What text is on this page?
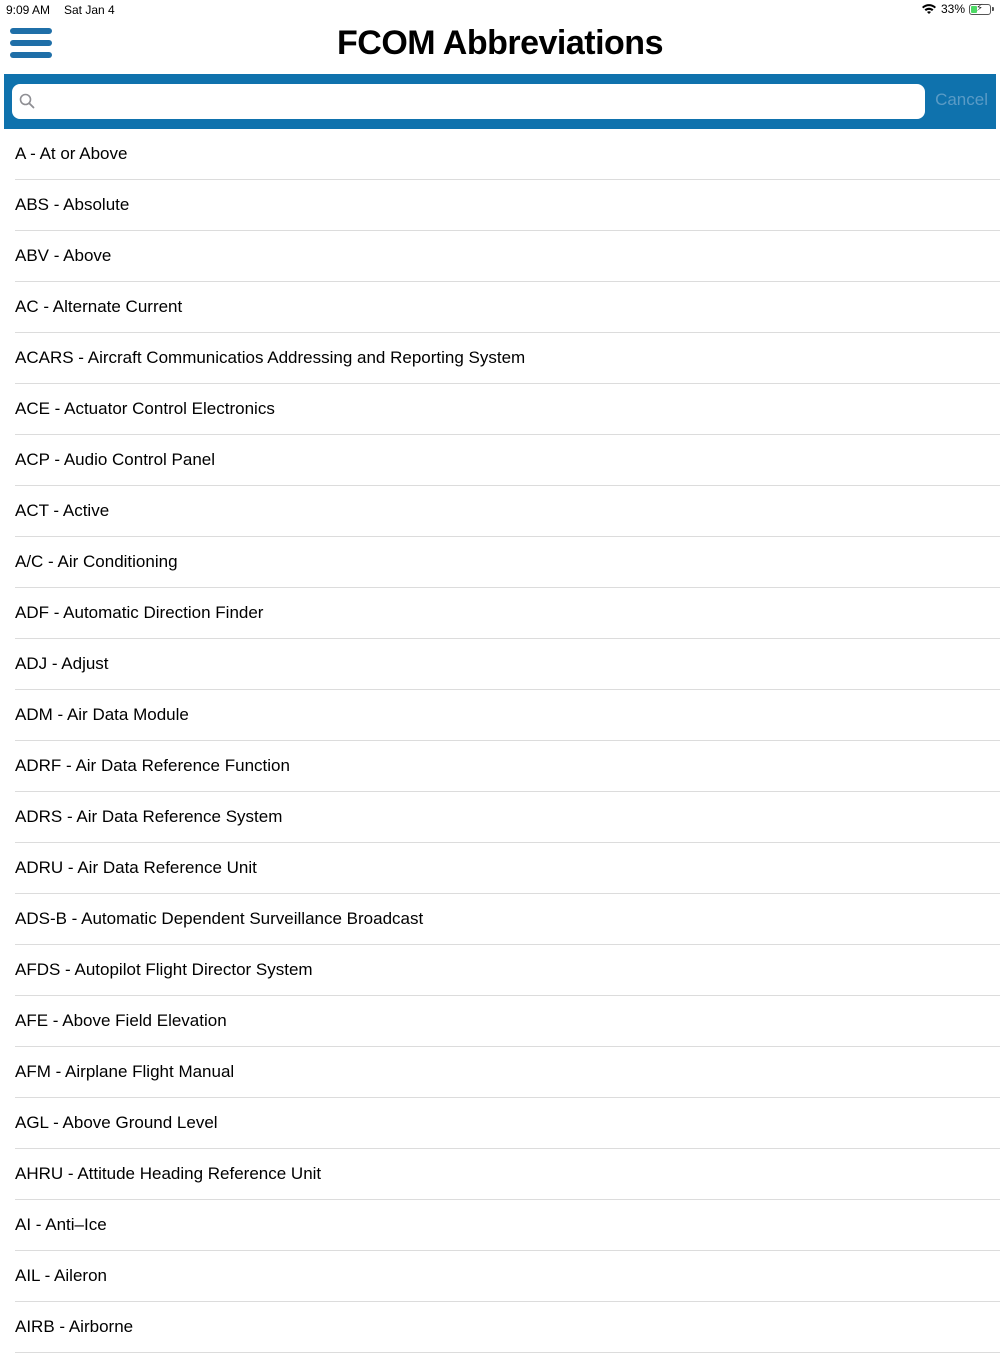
9:09 AM Sat Jan 4	33% ⚡
FCOM Abbreviations
Cancel
A - At or Above
ABS - Absolute
ABV - Above
AC - Alternate Current
ACARS - Aircraft Communicatios Addressing and Reporting System
ACE - Actuator Control Electronics
ACP - Audio Control Panel
ACT - Active
A/C - Air Conditioning
ADF - Automatic Direction Finder
ADJ - Adjust
ADM - Air Data Module
ADRF - Air Data Reference Function
ADRS - Air Data Reference System
ADRU - Air Data Reference Unit
ADS-B - Automatic Dependent Surveillance Broadcast
AFDS - Autopilot Flight Director System
AFE - Above Field Elevation
AFM - Airplane Flight Manual
AGL - Above Ground Level
AHRU - Attitude Heading Reference Unit
AI - Anti–Ice
AIL - Aileron
AIRB - Airborne
